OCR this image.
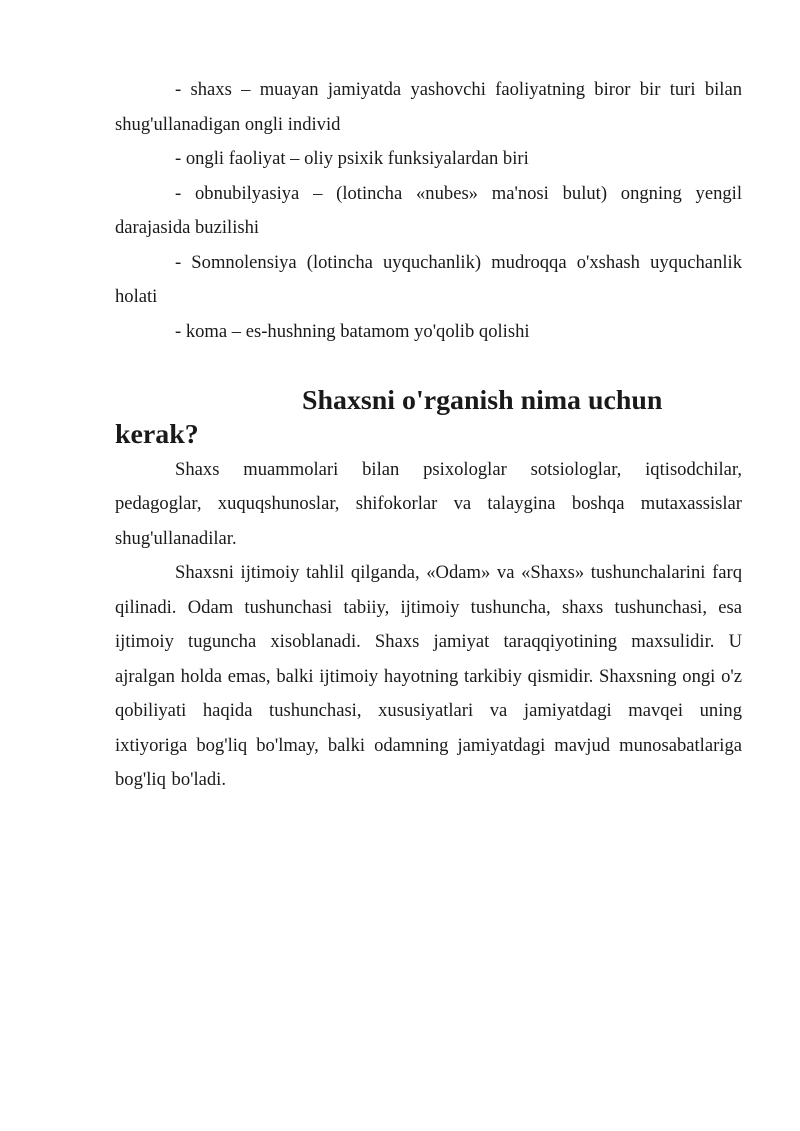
- shaxs – muayan jamiyatda yashovchi faoliyatning biror bir turi bilan shug'ullanadigan ongli individ

- ongli faoliyat – oliy psixik funksiyalardan biri

- obnubilyasiya – (lotincha «nubes» ma'nosi bulut) ongning yengil darajasida buzilishi

- Somnolensiya (lotincha uyquchanlik) mudroqqa o'xshash uyquchanlik holati

- koma – es-hushning batamom yo'qolib qolishi

Shaxsni o'rganish nima uchun kerak?

Shaxs muammolari bilan psixologlar sotsiologlar, iqtisodchilar, pedagoglar, xuquqshunoslar, shifokorlar va talaygina boshqa mutaxassislar shug'ullanadilar.

Shaxsni ijtimoiy tahlil qilganda, «Odam» va «Shaxs» tushunchalarini farq qilinadi. Odam tushunchasi tabiiy, ijtimoiy tushuncha, shaxs tushunchasi, esa ijtimoiy tuguncha xisoblanadi. Shaxs jamiyat taraqqiyotining maxsulidir. U ajralgan holda emas, balki ijtimoiy hayotning tarkibiy qismidir. Shaxsning ongi o'z qobiliyati haqida tushunchasi, xususiyatlari va jamiyatdagi mavqei uning ixtiyoriga bog'liq bo'lmay, balki odamning jamiyatdagi mavjud munosabatlariga bog'liq bo'ladi.
